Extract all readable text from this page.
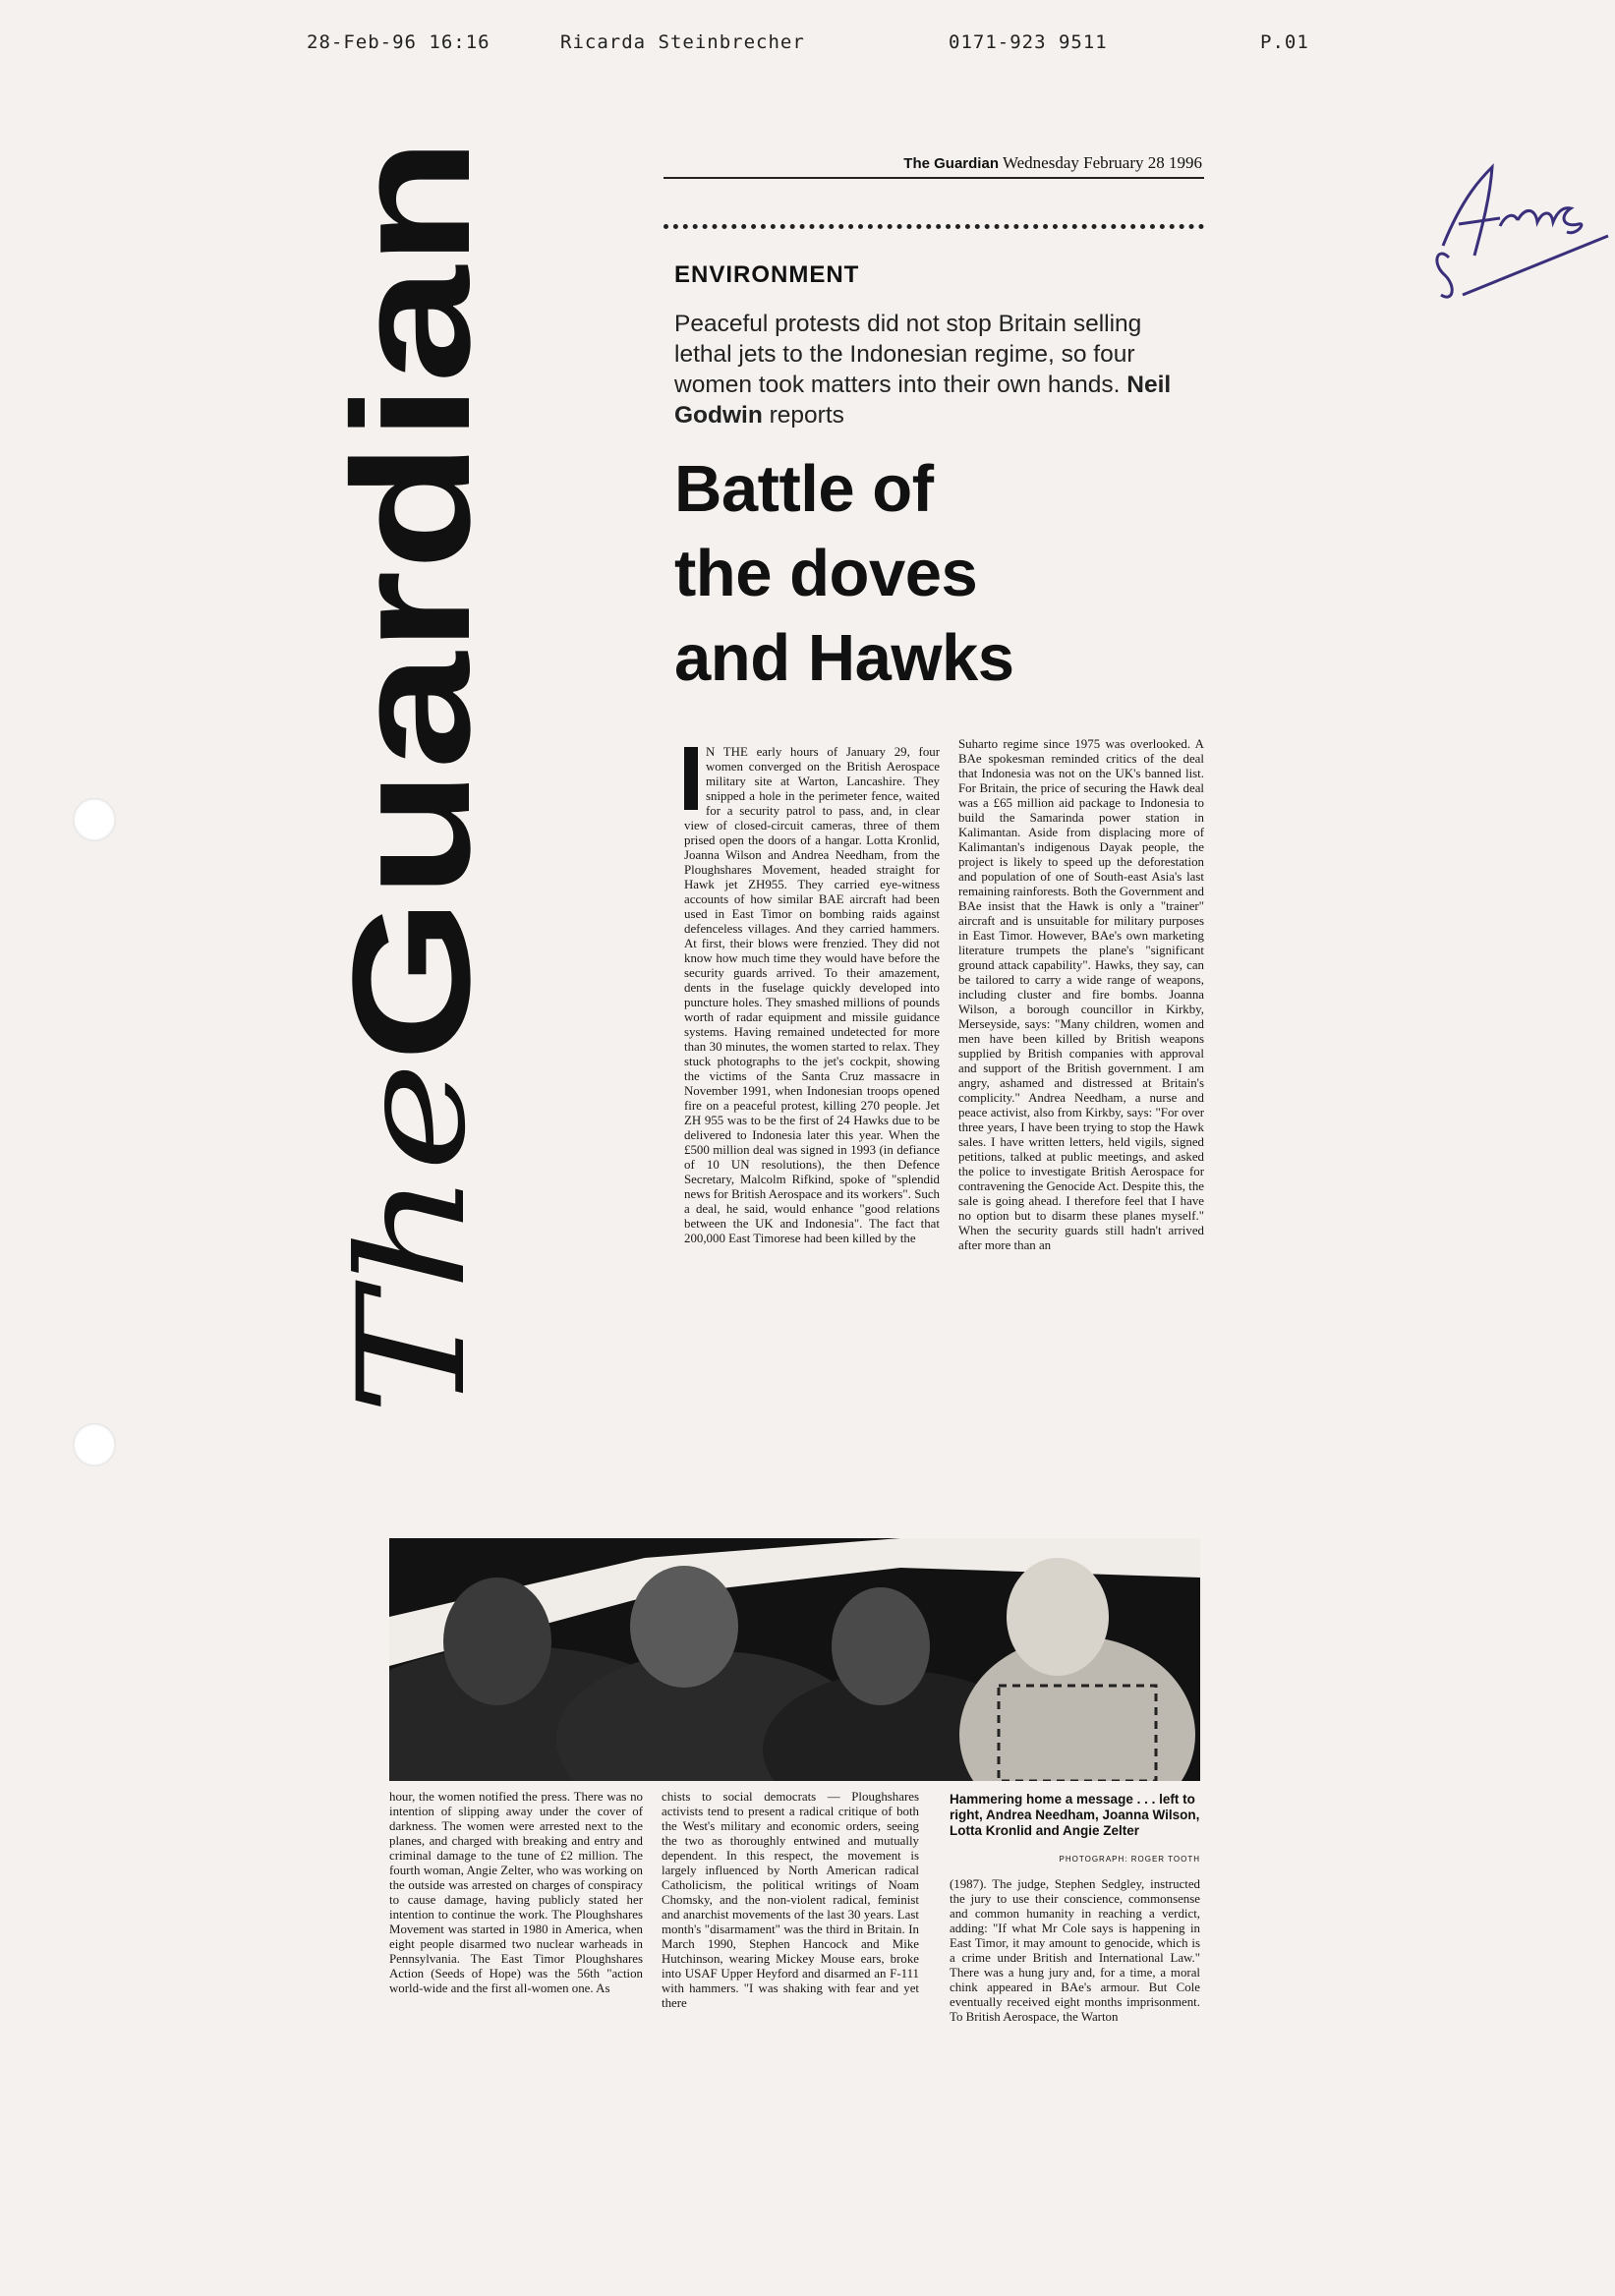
28-Feb-96 16:16	Ricarda Steinbrecher	0171-923 9511	P.01
TheGuardian
The Guardian Wednesday February 28 1996
ENVIRONMENT
Peaceful protests did not stop Britain selling lethal jets to the Indonesian regime, so four women took matters into their own hands. Neil Godwin reports
Battle of
the doves
and Hawks

N THE early hours of January 29, four women converged on the British Aerospace military site at Warton, Lancashire. They snipped a hole in the perimeter fence, waited for a security patrol to pass, and, in clear view of closed-circuit cameras, three of them prised open the doors of a hangar. Lotta Kronlid, Joanna Wilson and Andrea Needham, from the Ploughshares Movement, headed straight for Hawk jet ZH955. They carried eye-witness accounts of how similar BAE aircraft had been used in East Timor on bombing raids against defenceless villages. And they carried hammers. At first, their blows were frenzied. They did not know how much time they would have before the security guards arrived. To their amazement, dents in the fuselage quickly developed into puncture holes. They smashed millions of pounds worth of radar equipment and missile guidance systems. Having remained undetected for more than 30 minutes, the women started to relax. They stuck photographs to the jet's cockpit, showing the victims of the Santa Cruz massacre in November 1991, when Indonesian troops opened fire on a peaceful protest, killing 270 people. Jet ZH 955 was to be the first of 24 Hawks due to be delivered to Indonesia later this year. When the £500 million deal was signed in 1993 (in defiance of 10 UN resolutions), the then Defence Secretary, Malcolm Rifkind, spoke of "splendid news for British Aerospace and its workers". Such a deal, he said, would enhance "good relations between the UK and Indonesia". The fact that 200,000 East Timorese had been killed by the

Suharto regime since 1975 was overlooked. A BAe spokesman reminded critics of the deal that Indonesia was not on the UK's banned list. For Britain, the price of securing the Hawk deal was a £65 million aid package to Indonesia to build the Samarinda power station in Kalimantan. Aside from displacing more of Kalimantan's indigenous Dayak people, the project is likely to speed up the deforestation and population of one of South-east Asia's last remaining rainforests. Both the Government and BAe insist that the Hawk is only a "trainer" aircraft and is unsuitable for military purposes in East Timor. However, BAe's own marketing literature trumpets the plane's "significant ground attack capability". Hawks, they say, can be tailored to carry a wide range of weapons, including cluster and fire bombs. Joanna Wilson, a borough councillor in Kirkby, Merseyside, says: "Many children, women and men have been killed by British weapons supplied by British companies with approval and support of the British government. I am angry, ashamed and distressed at Britain's complicity." Andrea Needham, a nurse and peace activist, also from Kirkby, says: "For over three years, I have been trying to stop the Hawk sales. I have written letters, held vigils, signed petitions, talked at public meetings, and asked the police to investigate British Aerospace for contravening the Genocide Act. Despite this, the sale is going ahead. I therefore feel that I have no option but to disarm these planes myself." When the security guards still hadn't arrived after more than an

hour, the women notified the press. There was no intention of slipping away under the cover of darkness. The women were arrested next to the planes, and charged with breaking and entry and criminal damage to the tune of £2 million. The fourth woman, Angie Zelter, who was working on the outside was arrested on charges of conspiracy to cause damage, having publicly stated her intention to continue the work. The Ploughshares Movement was started in 1980 in America, when eight people disarmed two nuclear warheads in Pennsylvania. The East Timor Ploughshares Action (Seeds of Hope) was the 56th "action world-wide and the first all-women one. As

chists to social democrats — Ploughshares activists tend to present a radical critique of both the West's military and economic orders, seeing the two as thoroughly entwined and mutually dependent. In this respect, the movement is largely influenced by North American radical Catholicism, the political writings of Noam Chomsky, and the non-violent radical, feminist and anarchist movements of the last 30 years. Last month's "disarmament" was the third in Britain. In March 1990, Stephen Hancock and Mike Hutchinson, wearing Mickey Mouse ears, broke into USAF Upper Heyford and disarmed an F-111 with hammers. "I was shaking with fear and yet there

Hammering home a message . . . left to right, Andrea Needham, Joanna Wilson, Lotta Kronlid and Angie Zelter
PHOTOGRAPH: ROGER TOOTH

(1987). The judge, Stephen Sedgley, instructed the jury to use their conscience, commonsense and common humanity in reaching a verdict, adding: "If what Mr Cole says is happening in East Timor, it may amount to genocide, which is a crime under British and International Law." There was a hung jury and, for a time, a moral chink appeared in BAe's armour. But Cole eventually received eight months imprisonment. To British Aerospace, the Warton
